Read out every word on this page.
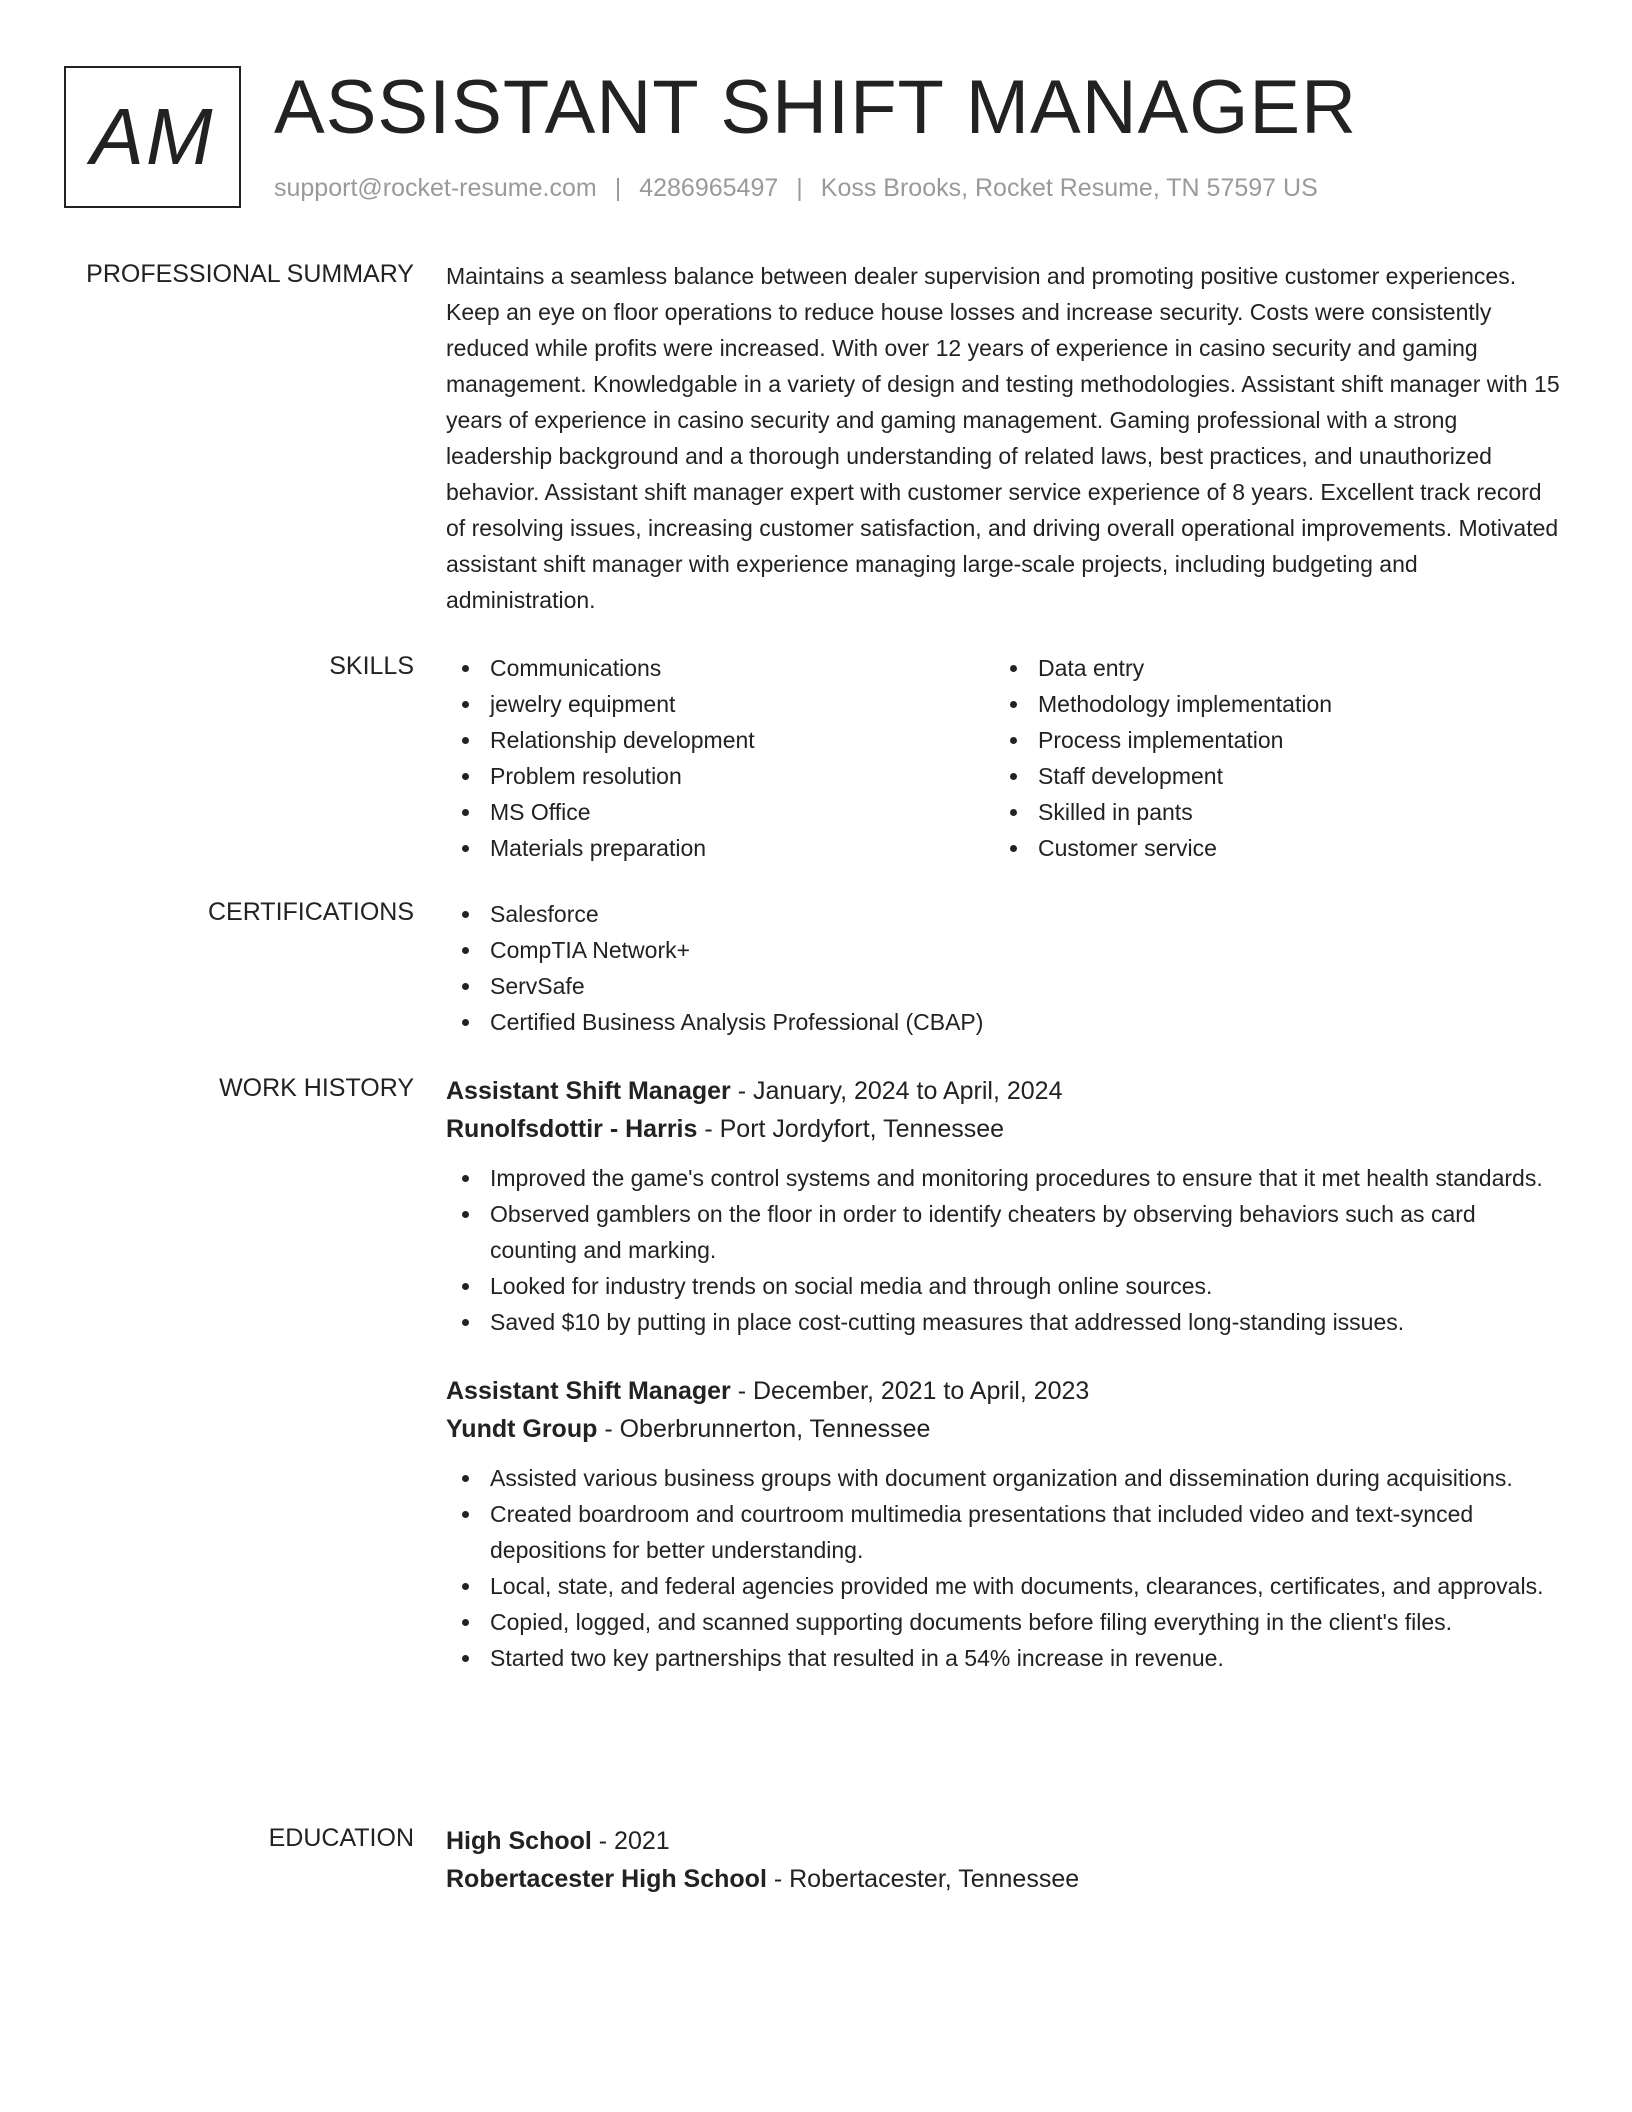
AM ASSISTANT SHIFT MANAGER
support@rocket-resume.com | 4286965497 | Koss Brooks, Rocket Resume, TN 57597 US
PROFESSIONAL SUMMARY Maintains a seamless balance between dealer supervision and promoting positive customer experiences. Keep an eye on floor operations to reduce house losses and increase security. Costs were consistently reduced while profits were increased. With over 12 years of experience in casino security and gaming management. Knowledgable in a variety of design and testing methodologies. Assistant shift manager with 15 years of experience in casino security and gaming management. Gaming professional with a strong leadership background and a thorough understanding of related laws, best practices, and unauthorized behavior. Assistant shift manager expert with customer service experience of 8 years. Excellent track record of resolving issues, increasing customer satisfaction, and driving overall operational improvements. Motivated assistant shift manager with experience managing large-scale projects, including budgeting and administration.
SKILLS	Communications
jewelry equipment
Relationship development
Problem resolution
MS Office
Materials preparation
Data entry
Methodology implementation
Process implementation
Staff development
Skilled in pants
Customer service
CERTIFICATIONS	Salesforce
CompTIA Network+
ServSafe
Certified Business Analysis Professional (CBAP)
WORK HISTORY Assistant Shift Manager - January, 2024 to April, 2024
Runolfsdottir - Harris - Port Jordyfort, Tennessee
Improved the game's control systems and monitoring procedures to ensure that it met health standards.
Observed gamblers on the floor in order to identify cheaters by observing behaviors such as card counting and marking.
Looked for industry trends on social media and through online sources.
Saved $10 by putting in place cost-cutting measures that addressed long-standing issues.
Assistant Shift Manager - December, 2021 to April, 2023
Yundt Group - Oberbrunnerton, Tennessee
Assisted various business groups with document organization and dissemination during acquisitions.
Created boardroom and courtroom multimedia presentations that included video and text-synced depositions for better understanding.
Local, state, and federal agencies provided me with documents, clearances, certificates, and approvals.
Copied, logged, and scanned supporting documents before filing everything in the client's files.
Started two key partnerships that resulted in a 54% increase in revenue.
EDUCATION High School - 2021
Robertacester High School - Robertacester, Tennessee
